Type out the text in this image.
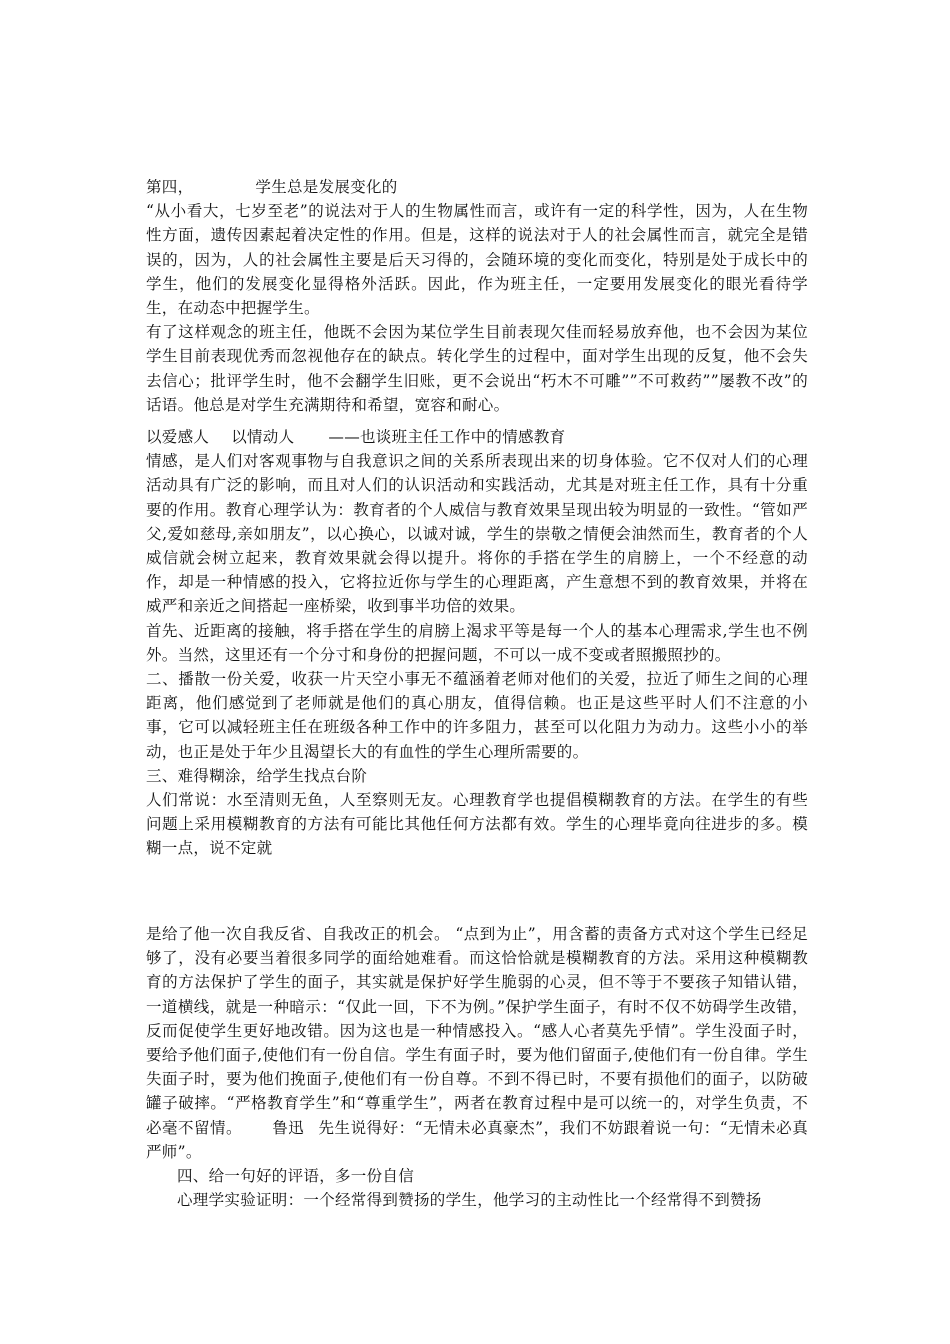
第四，	学生总是发展变化的

“从小看大，七岁至老”的说法对于人的生物属性而言，或许有一定的科学性，因为，人在生物性方面，遗传因素起着决定性的作用。但是，这样的说法对于人的社会属性而言，就完全是错误的，因为，人的社会属性主要是后天习得的，会随环境的变化而变化，特别是处于成长中的学生，他们的发展变化显得格外活跃。因此，作为班主任，一定要用发展变化的眼光看待学生，在动态中把握学生。

有了这样观念的班主任，他既不会因为某位学生目前表现欠佳而轻易放弃他，也不会因为某位学生目前表现优秀而忽视他存在的缺点。转化学生的过程中，面对学生出现的反复，他不会失去信心；批评学生时，他不会翻学生旧账，更不会说出“朽木不可雕””不可救药””屡教不改”的话语。他总是对学生充满期待和希望，宽容和耐心。

以爱感人 以情动人 ——也谈班主任工作中的情感教育

情感，是人们对客观事物与自我意识之间的关系所表现出来的切身体验。它不仅对人们的心理活动具有广泛的影响，而且对人们的认识活动和实践活动，尤其是对班主任工作，具有十分重要的作用。教育心理学认为：教育者的个人威信与教育效果呈现出较为明显的一致性。“管如严父,爱如慈母,亲如朋友”，以心换心，以诚对诚，学生的崇敬之情便会油然而生，教育者的个人威信就会树立起来，教育效果就会得以提升。将你的手搭在学生的肩膀上，一个不经意的动作，却是一种情感的投入，它将拉近你与学生的心理距离，产生意想不到的教育效果，并将在威严和亲近之间搭起一座桥梁，收到事半功倍的效果。

首先、近距离的接触，将手搭在学生的肩膀上渴求平等是每一个人的基本心理需求,学生也不例外。当然，这里还有一个分寸和身份的把握问题，不可以一成不变或者照搬照抄的。

二、播散一份关爱，收获一片天空小事无不蕴涵着老师对他们的关爱，拉近了师生之间的心理距离，他们感觉到了老师就是他们的真心朋友，值得信赖。也正是这些平时人们不注意的小事，它可以减轻班主任在班级各种工作中的许多阻力，甚至可以化阻力为动力。这些小小的举动，也正是处于年少且渴望长大的有血性的学生心理所需要的。

三、难得糊涂，给学生找点台阶

人们常说：水至清则无鱼，人至察则无友。心理教育学也提倡模糊教育的方法。在学生的有些问题上采用模糊教育的方法有可能比其他任何方法都有效。学生的心理毕竟向往进步的多。模糊一点，说不定就

是给了他一次自我反省、自我改正的机会。 “点到为止”，用含蓄的责备方式对这个学生已经足够了，没有必要当着很多同学的面给她难看。而这恰恰就是模糊教育的方法。采用这种模糊教育的方法保护了学生的面子，其实就是保护好学生脆弱的心灵，但不等于不要孩子知错认错，一道横线，就是一种暗示：“仅此一回，下不为例。”保护学生面子，有时不仅不妨碍学生改错，反而促使学生更好地改错。因为这也是一种情感投入。“感人心者莫先乎情”。学生没面子时，要给予他们面子,使他们有一份自信。学生有面子时，要为他们留面子,使他们有一份自律。学生失面子时，要为他们挽面子,使他们有一份自尊。不到不得已时，不要有损他们的面子，以防破罐子破摔。“严格教育学生”和“尊重学生”，两者在教育过程中是可以统一的，对学生负责，不必毫不留情。 鲁迅 先生说得好：“无情未必真豪杰”，我们不妨跟着说一句：“无情未必真严师”。

四、给一句好的评语，多一份自信

心理学实验证明：一个经常得到赞扬的学生，他学习的主动性比一个经常得不到赞扬
